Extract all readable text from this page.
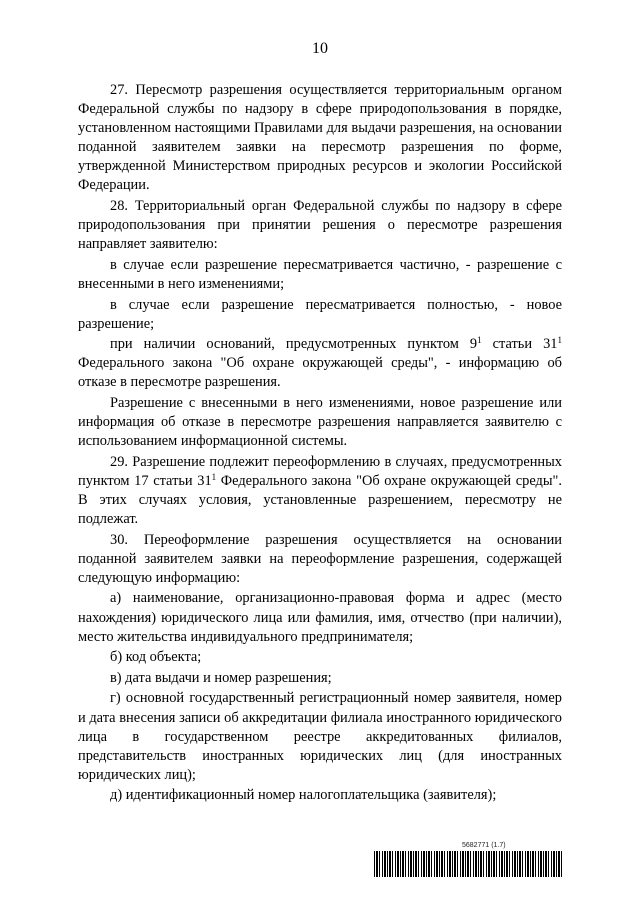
10

27. Пересмотр разрешения осуществляется территориальным органом Федеральной службы по надзору в сфере природопользования в порядке, установленном настоящими Правилами для выдачи разрешения, на основании поданной заявителем заявки на пересмотр разрешения по форме, утвержденной Министерством природных ресурсов и экологии Российской Федерации.

28. Территориальный орган Федеральной службы по надзору в сфере природопользования при принятии решения о пересмотре разрешения направляет заявителю:

в случае если разрешение пересматривается частично, - разрешение с внесенными в него изменениями;

в случае если разрешение пересматривается полностью, - новое разрешение;

при наличии оснований, предусмотренных пунктом $9^1$ статьи $31^1$ Федерального закона "Об охране окружающей среды", - информацию об отказе в пересмотре разрешения.

Разрешение с внесенными в него изменениями, новое разрешение или информация об отказе в пересмотре разрешения направляется заявителю с использованием информационной системы.

29. Разрешение подлежит переоформлению в случаях, предусмотренных пунктом 17 статьи $31^1$ Федерального закона "Об охране окружающей среды". В этих случаях условия, установленные разрешением, пересмотру не подлежат.

30. Переоформление разрешения осуществляется на основании поданной заявителем заявки на переоформление разрешения, содержащей следующую информацию:

а) наименование, организационно-правовая форма и адрес (место нахождения) юридического лица или фамилия, имя, отчество (при наличии), место жительства индивидуального предпринимателя;

б) код объекта;

в) дата выдачи и номер разрешения;

г) основной государственный регистрационный номер заявителя, номер и дата внесения записи об аккредитации филиала иностранного юридического лица в государственном реестре аккредитованных филиалов, представительств иностранных юридических лиц (для иностранных юридических лиц);

д) идентификационный номер налогоплательщика (заявителя);

5682771 (1.7)
